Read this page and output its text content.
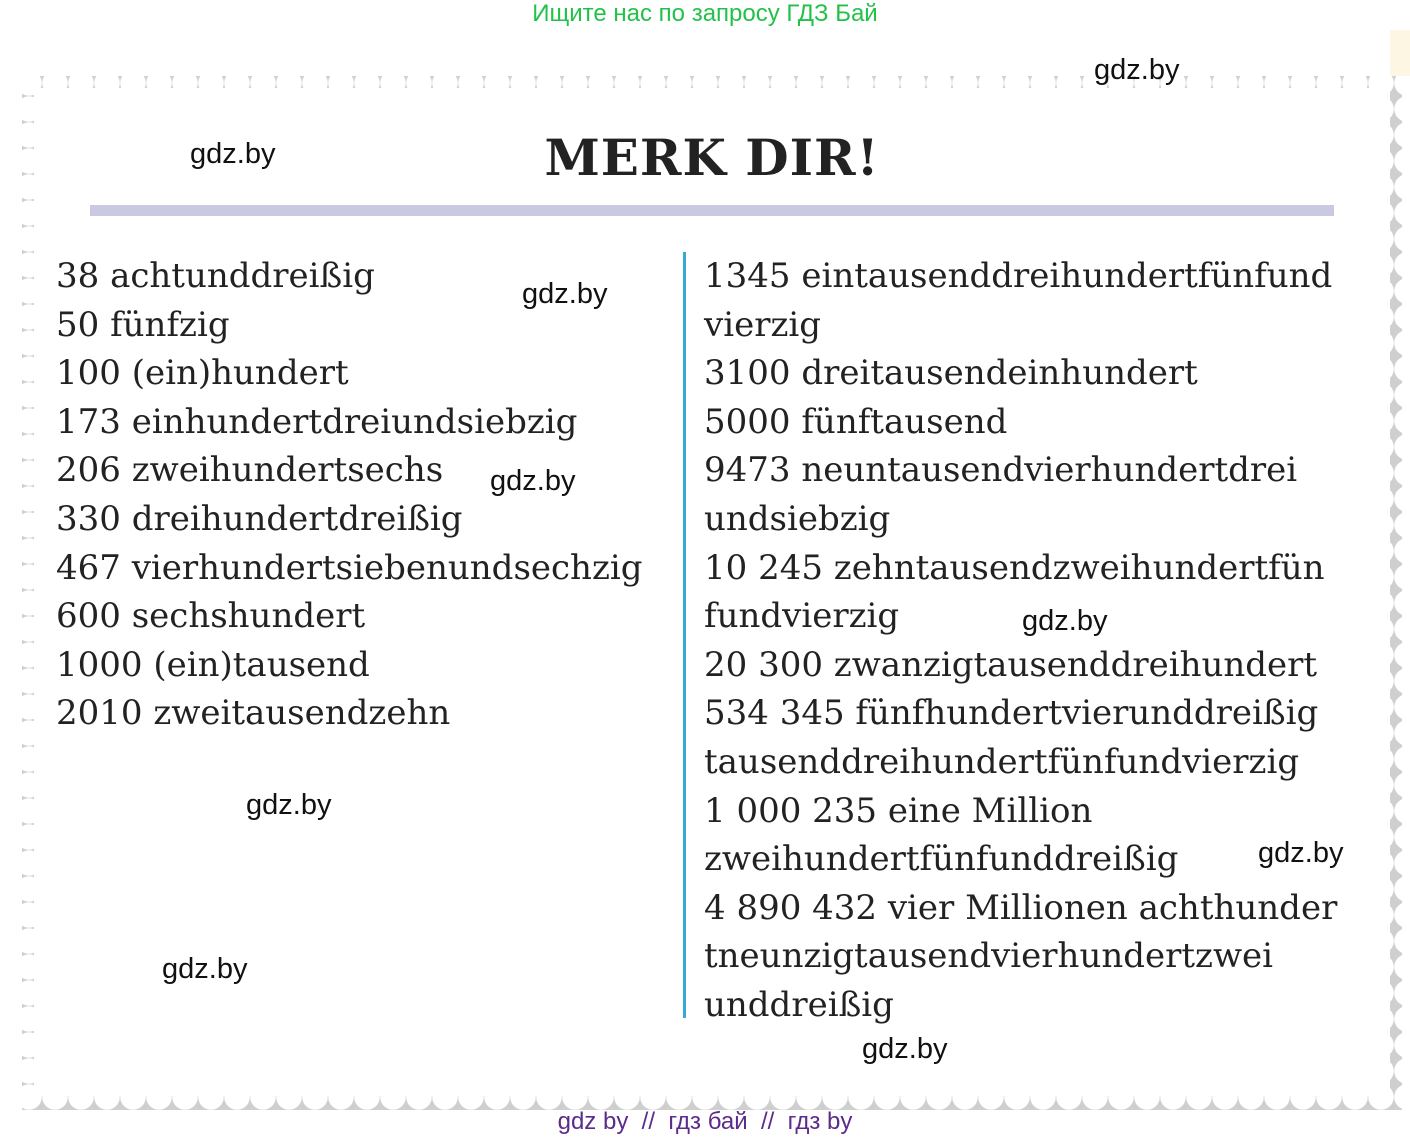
Ищите нас по запросу ГДЗ Бай
MERK DIR!
38 achtunddreißig
50 fünfzig
100 (ein)hundert
173 einhundertdreiundsiebzig
206 zweihundertsechs
330 dreihundertdreißig
467 vierhundertsiebenundsechzig
600 sechshundert
1000 (ein)tausend
2010 zweitausendzehn
1345 eintausenddreihundertfünfund
vierzig
3100 dreitausendeinhundert
5000 fünftausend
9473 neuntausendvierhundertdrei
undsiebzig
10 245 zehntausendzweihundertfün
fundvierzig
20 300 zwanzigtausenddreihundert
534 345 fünfhundertvierunddreißig
tausenddreihundertfünfundvierzig
1 000 235 eine Million
zweihundertfünfunddreißig
4 890 432 vier Millionen achthunder
tneunzigtausendvierhundertzwei
unddreißig
gdz.by
gdz.by
gdz.by
gdz.by
gdz.by
gdz.by
gdz.by
gdz.by
gdz.by
gdz by  //  гдз бай  //  гдз by
